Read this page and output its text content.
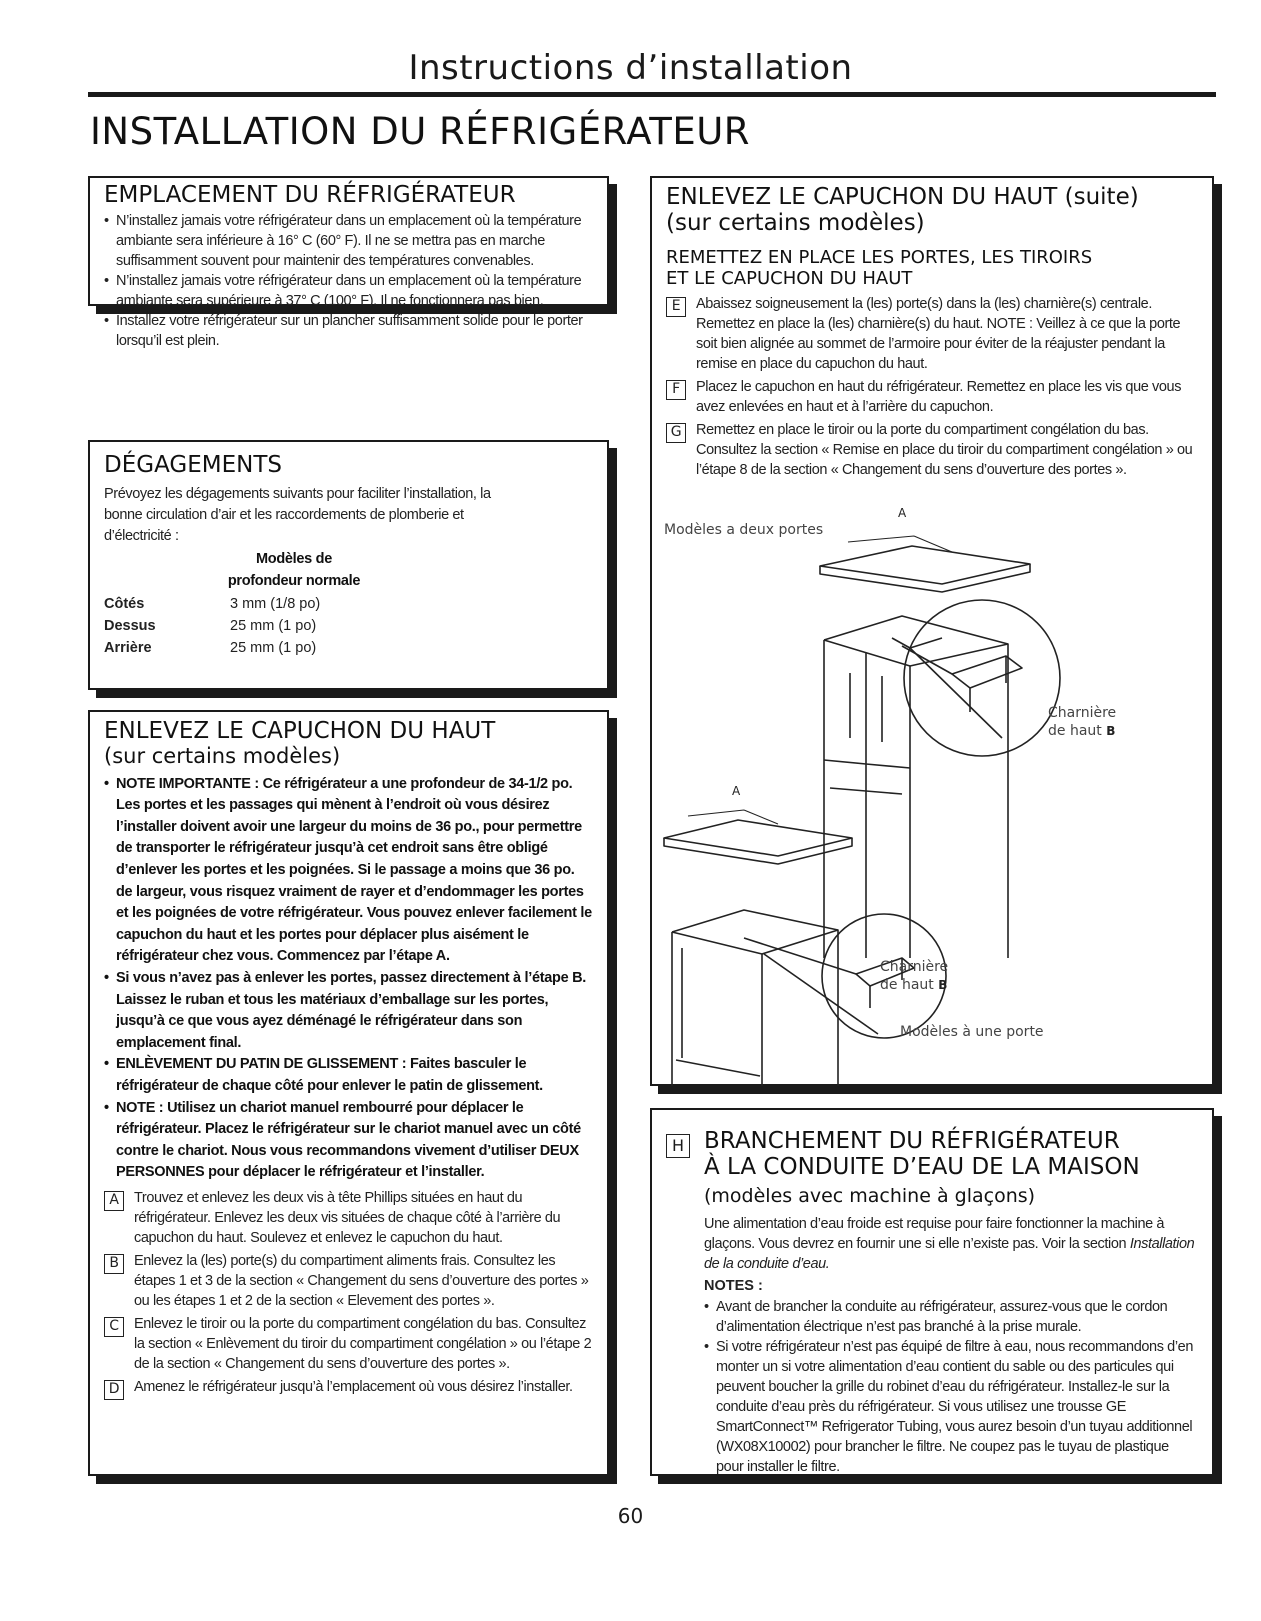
Instructions d’installation
INSTALLATION DU RÉFRIGÉRATEUR
EMPLACEMENT DU RÉFRIGÉRATEUR
• N’installez jamais votre réfrigérateur dans un emplacement où la température ambiante sera inférieure à 16° C (60° F). Il ne se mettra pas en marche suffisamment souvent pour maintenir des températures convenables.
• N’installez jamais votre réfrigérateur dans un emplacement où la température ambiante sera supérieure à 37° C (100° F). Il ne fonctionnera pas bien.
• Installez votre réfrigérateur sur un plancher suffisamment solide pour le porter lorsqu’il est plein.
DÉGAGEMENTS
Prévoyez les dégagements suivants pour faciliter l’installation, la bonne circulation d’air et les raccordements de plomberie et d’électricité :
Modèles de
profondeur normale
Côtés	3 mm (1/8 po)
Dessus	25 mm (1 po)
Arrière	25 mm (1 po)
ENLEVEZ LE CAPUCHON DU HAUT
(sur certains modèles)
• NOTE IMPORTANTE : Ce réfrigérateur a une profondeur de 34-1/2 po. Les portes et les passages qui mènent à l’endroit où vous désirez l’installer doivent avoir une largeur du moins de 36 po., pour permettre de transporter le réfrigérateur jusqu’à cet endroit sans être obligé d’enlever les portes et les poignées. Si le passage a moins que 36 po. de largeur, vous risquez vraiment de rayer et d’endommager les portes et les poignées de votre réfrigérateur. Vous pouvez enlever facilement le capuchon du haut et les portes pour déplacer plus aisément le réfrigérateur chez vous. Commencez par l’étape A.
• Si vous n’avez pas à enlever les portes, passez directement à l’étape B. Laissez le ruban et tous les matériaux d’emballage sur les portes, jusqu’à ce que vous ayez déménagé le réfrigérateur dans son emplacement final.
• ENLÈVEMENT DU PATIN DE GLISSEMENT : Faites basculer le réfrigérateur de chaque côté pour enlever le patin de glissement.
• NOTE : Utilisez un chariot manuel rembourré pour déplacer le réfrigérateur. Placez le réfrigérateur sur le chariot manuel avec un côté contre le chariot. Nous vous recommandons vivement d’utiliser DEUX PERSONNES pour déplacer le réfrigérateur et l’installer.
A	Trouvez et enlevez les deux vis à tête Phillips situées en haut du réfrigérateur. Enlevez les deux vis situées de chaque côté à l’arrière du capuchon du haut. Soulevez et enlevez le capuchon du haut.
B	Enlevez la (les) porte(s) du compartiment aliments frais. Consultez les étapes 1 et 3 de la section « Changement du sens d’ouverture des portes » ou les étapes 1 et 2 de la section « Elevement des portes ».
C	Enlevez le tiroir ou la porte du compartiment congélation du bas. Consultez la section « Enlèvement du tiroir du compartiment congélation » ou l’étape 2 de la section « Changement du sens d’ouverture des portes ».
D	Amenez le réfrigérateur jusqu’à l’emplacement où vous désirez l’installer.
ENLEVEZ LE CAPUCHON DU HAUT (suite)
(sur certains modèles)
REMETTEZ EN PLACE LES PORTES, LES TIROIRS
ET LE CAPUCHON DU HAUT
E	Abaissez soigneusement la (les) porte(s) dans la (les) charnière(s) centrale. Remettez en place la (les) charnière(s) du haut. NOTE : Veillez à ce que la porte soit bien alignée au sommet de l’armoire pour éviter de la réajuster pendant la remise en place du capuchon du haut.
F	Placez le capuchon en haut du réfrigérateur. Remettez en place les vis que vous avez enlevées en haut et à l’arrière du capuchon.
G	Remettez en place le tiroir ou la porte du compartiment congélation du bas. Consultez la section « Remise en place du tiroir du compartiment congélation » ou l’étape 8 de la section « Changement du sens d’ouverture des portes ».
Modèles a deux portes
A
Charnière
de haut B
A
Charnière
de haut B
Modèles à une porte
H BRANCHEMENT DU RÉFRIGÉRATEUR
À LA CONDUITE D’EAU DE LA MAISON
(modèles avec machine à glaçons)
Une alimentation d’eau froide est requise pour faire fonctionner la machine à glaçons. Vous devrez en fournir une si elle n’existe pas. Voir la section Installation de la conduite d’eau.
NOTES :
• Avant de brancher la conduite au réfrigérateur, assurez-vous que le cordon d’alimentation électrique n’est pas branché à la prise murale.
• Si votre réfrigérateur n’est pas équipé de filtre à eau, nous recommandons d’en monter un si votre alimentation d’eau contient du sable ou des particules qui peuvent boucher la grille du robinet d’eau du réfrigérateur. Installez-le sur la conduite d’eau près du réfrigérateur. Si vous utilisez une trousse GE SmartConnect™ Refrigerator Tubing, vous aurez besoin d’un tuyau additionnel (WX08X10002) pour brancher le filtre. Ne coupez pas le tuyau de plastique pour installer le filtre.
60
